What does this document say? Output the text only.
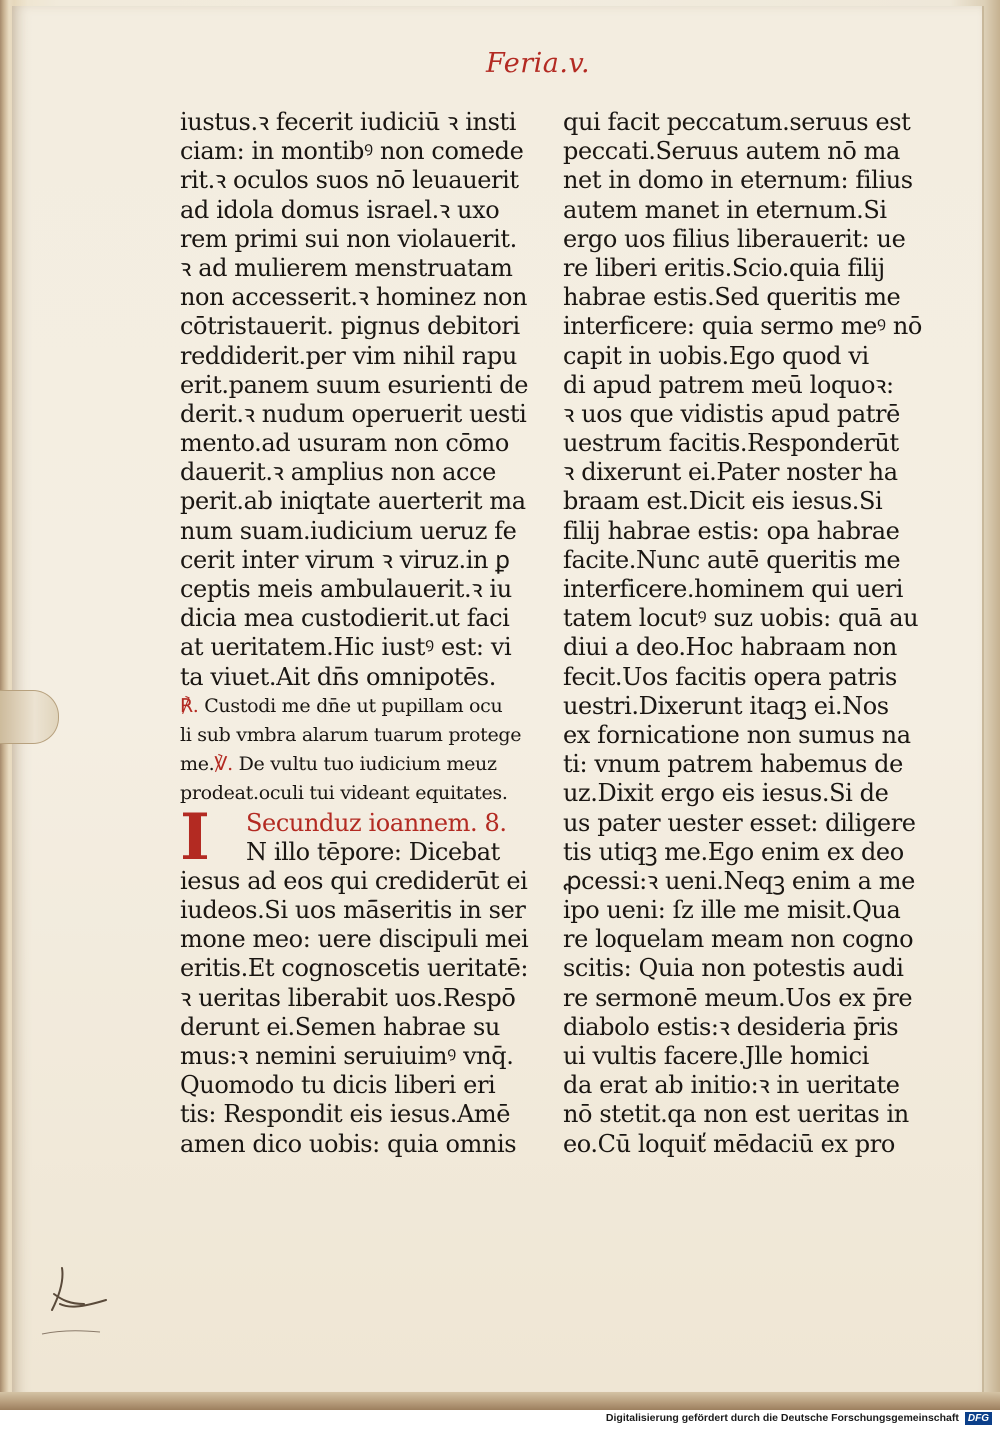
Feria.v.
iustus.ꝛ fecerit iudiciū ꝛ insti
ciam: in montibꝰ non comede
rit.ꝛ oculos suos nō leuauerit
ad idola domus israel.ꝛ uxo
rem primi sui non violauerit.
ꝛ ad mulierem menstruatam
non accesserit.ꝛ hominez non
cōtristauerit. pignus debitori
reddiderit.per vim nihil rapu
erit.panem suum esurienti de
derit.ꝛ nudum operuerit uesti
mento.ad usuram non cōmo
dauerit.ꝛ amplius non acce
perit.ab iniqtate auerterit ma
num suam.iudicium ueruz fe
cerit inter virum ꝛ viruz.in ꝑ
ceptis meis ambulauerit.ꝛ iu
dicia mea custodierit.ut faci
at ueritatem.Hic iustꝰ est: vi
ta viuet.Ait dn̄s omnipotēs.
℟. Custodi me dn̄e ut pupillam ocu
li sub vmbra alarum tuarum protege
me.℣. De vultu tuo iudicium meuz
prodeat.oculi tui videant equitates.
I	Secunduz ioannem. 8.
N illo tēpore: Dicebat
iesus ad eos qui crediderūt ei
iudeos.Si uos mā̄seritis in ser
mone meo: uere discipuli mei
eritis.Et cognoscetis ueritatē:
ꝛ ueritas liberabit uos.Respō
derunt ei.Semen habrae su
mus:ꝛ nemini seruiuimꝰ vnq̄.
Quomodo tu dicis liberi eri
tis: Respondit eis iesus.Amē
amen dico uobis: quia omnis
qui facit peccatum.seruus est
peccati.Seruus autem nō ma
net in domo in eternum: filius
autem manet in eternum.Si
ergo uos filius liberauerit: ue
re liberi eritis.Scio.quia filij
habrae estis.Sed queritis me
interficere: quia sermo meꝰ nō
capit in uobis.Ego quod vi
di apud patrem meū loquoꝛ:
ꝛ uos que vidistis apud patrē
uestrum facitis.Responderūt
ꝛ dixerunt ei.Pater noster ha
braam est.Dicit eis iesus.Si
filij habrae estis: opa habrae
facite.Nunc autē queritis me
interficere.hominem qui ueri
tatem locutꝰ suz uobis: quā au
diui a deo.Hoc habraam non
fecit.Uos facitis opera patris
uestri.Dixerunt itaqꝫ ei.Nos
ex fornicatione non sumus na
ti: vnum patrem habemus de
uz.Dixit ergo eis iesus.Si de
us pater uester esset: diligere
tis utiqꝫ me.Ego enim ex deo
ꝓcessi:ꝛ ueni.Neqꝫ enim a me
ipo ueni: ſz ille me misit.Qua
re loquelam meam non cogno
scitis: Quia non potestis audi
re sermonē meum.Uos ex p̄re
diabolo estis:ꝛ desideria p̄ris
ui vultis facere.Jlle homici
da erat ab initio:ꝛ in ueritate
nō stetit.qa non est ueritas in
eo.Cū loquiť mēdaciū ex pro
Digitalisierung gefördert durch die Deutsche Forschungsgemeinschaft DFG
